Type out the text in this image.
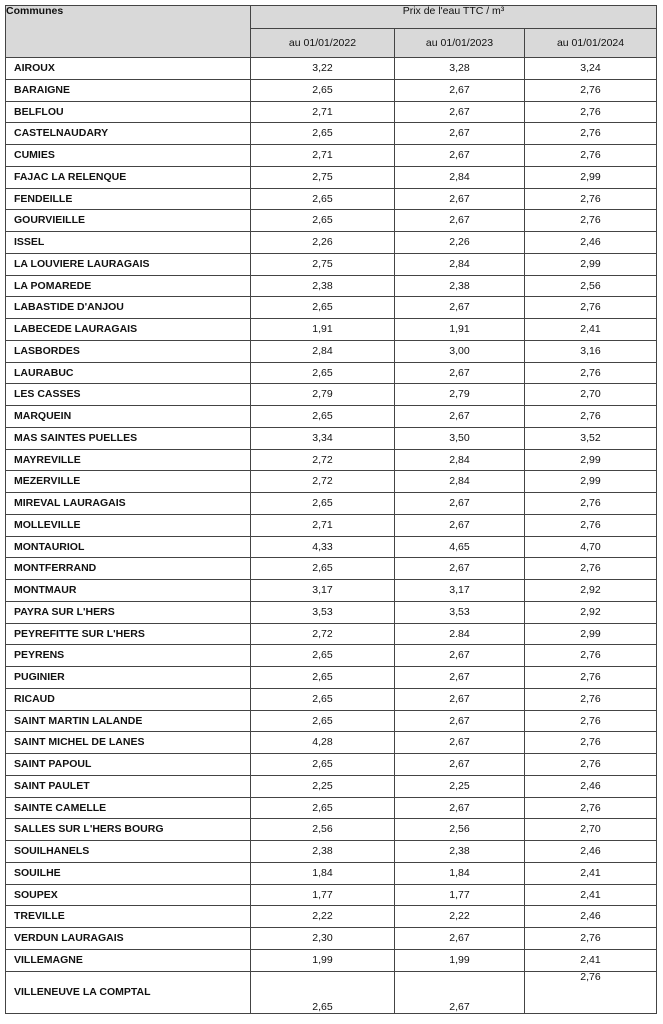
Communes	Prix de l'eau TTC / m³		
	au 01/01/2022	au 01/01/2023	au 01/01/2024
AIROUX	3,22	3,28	3,24
BARAIGNE	2,65	2,67	2,76
BELFLOU	2,71	2,67	2,76
CASTELNAUDARY	2,65	2,67	2,76
CUMIES	2,71	2,67	2,76
FAJAC LA RELENQUE	2,75	2,84	2,99
FENDEILLE	2,65	2,67	2,76
GOURVIEILLE	2,65	2,67	2,76
ISSEL	2,26	2,26	2,46
LA LOUVIERE LAURAGAIS	2,75	2,84	2,99
LA POMAREDE	2,38	2,38	2,56
LABASTIDE D'ANJOU	2,65	2,67	2,76
LABECEDE LAURAGAIS	1,91	1,91	2,41
LASBORDES	2,84	3,00	3,16
LAURABUC	2,65	2,67	2,76
LES CASSES	2,79	2,79	2,70
MARQUEIN	2,65	2,67	2,76
MAS SAINTES PUELLES	3,34	3,50	3,52
MAYREVILLE	2,72	2,84	2,99
MEZERVILLE	2,72	2,84	2,99
MIREVAL LAURAGAIS	2,65	2,67	2,76
MOLLEVILLE	2,71	2,67	2,76
MONTAURIOL	4,33	4,65	4,70
MONTFERRAND	2,65	2,67	2,76
MONTMAUR	3,17	3,17	2,92
PAYRA SUR L'HERS	3,53	3,53	2,92
PEYREFITTE SUR L'HERS	2,72	2.84	2,99
PEYRENS	2,65	2,67	2,76
PUGINIER	2,65	2,67	2,76
RICAUD	2,65	2,67	2,76
SAINT MARTIN LALANDE	2,65	2,67	2,76
SAINT MICHEL DE LANES	4,28	2,67	2,76
SAINT PAPOUL	2,65	2,67	2,76
SAINT PAULET	2,25	2,25	2,46
SAINTE CAMELLE	2,65	2,67	2,76
SALLES SUR L'HERS BOURG	2,56	2,56	2,70
SOUILHANELS	2,38	2,38	2,46
SOUILHE	1,84	1,84	2,41
SOUPEX	1,77	1,77	2,41
TREVILLE	2,22	2,22	2,46
VERDUN LAURAGAIS	2,30	2,67	2,76
VILLEMAGNE	1,99	1,99	2,41
VILLENEUVE LA COMPTAL	2,65	2,67	2,76
